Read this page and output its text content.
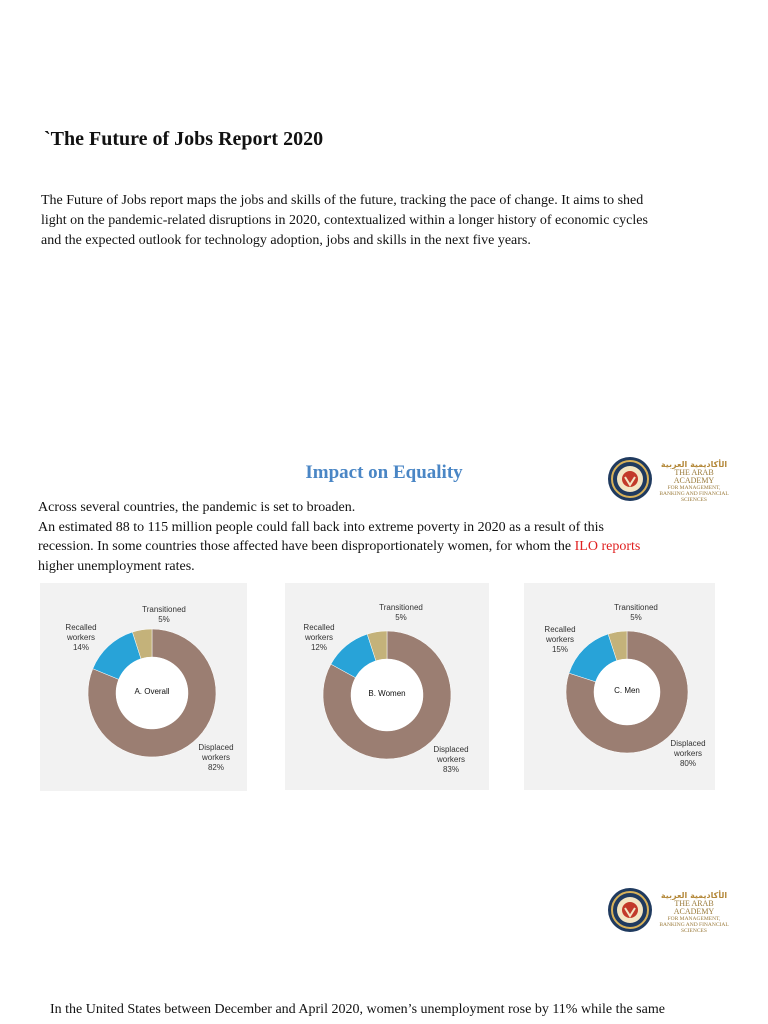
`The Future of Jobs Report 2020
The Future of Jobs report maps the jobs and skills of the future, tracking the pace of change. It aims to shed
light on the pandemic-related disruptions in 2020, contextualized within a longer history of economic cycles
and the expected outlook for technology adoption, jobs and skills in the next five years.
Impact on Equality	الأكاديمية العربية
THE ARAB ACADEMY
FOR MANAGEMENT, BANKING AND FINANCIAL SCIENCES
Across several countries, the pandemic is set to broaden.
An estimated 88 to 115 million people could fall back into extreme poverty in 2020 as a result of this
recession. In some countries those affected have been disproportionately women, for whom the ILO reports
higher unemployment rates.
A. Overall
Displaced
workers
82%
Recalled
workers
14%
Transitioned
5%
B. Women
Displaced
workers
83%
Recalled
workers
12%
Transitioned
5%
C. Men
Displaced
workers
80%
Recalled
workers
15%
Transitioned
5%
الأكاديمية العربية
THE ARAB ACADEMY
FOR MANAGEMENT, BANKING AND FINANCIAL SCIENCES
In the United States between December and April 2020, women’s unemployment rose by 11% while the same
